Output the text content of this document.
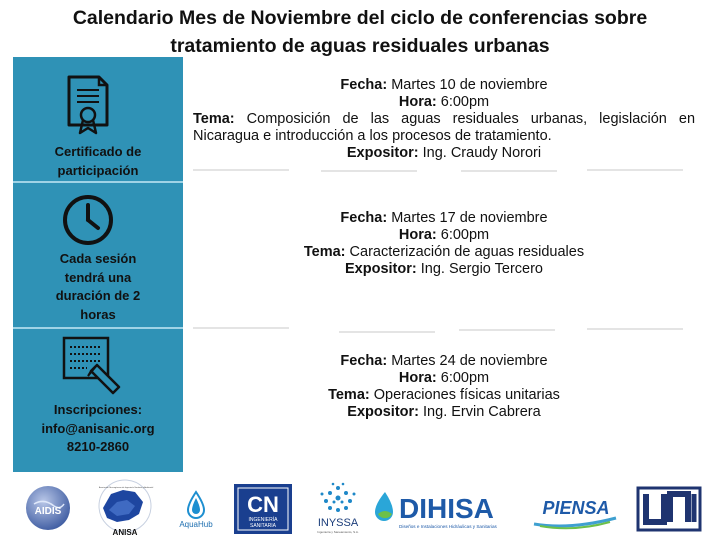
Calendario Mes de Noviembre del ciclo de conferencias sobre
tratamiento de aguas residuales urbanas
Certificado de
participación
Cada sesión
tendrá una
duración de 2
horas
Inscripciones:
info@anisanic.org
8210-2860
Fecha: Martes 10 de noviembre
Hora: 6:00pm
Tema: Composición de las aguas residuales urbanas, legislación en Nicaragua e introducción a los procesos de tratamiento.
Expositor: Ing. Craudy Norori
Fecha: Martes 17 de noviembre
Hora: 6:00pm
Tema: Caracterización de aguas residuales
Expositor: Ing. Sergio Tercero
Fecha: Martes 24 de noviembre
Hora: 6:00pm
Tema: Operaciones físicas unitarias
Expositor: Ing. Ervin Cabrera
AIDIS
ANISA
Asociación Nicaragüense de Ingeniería Sanitaria y Ambiental
AquaHub
CN
INGENIERÍA
SANITARIA	INYSSA
Ingeniería y Saneamiento, S.A.
DIHISA
Diseños e Instalaciones Hidráulicas y Sanitarias
PIENSA
